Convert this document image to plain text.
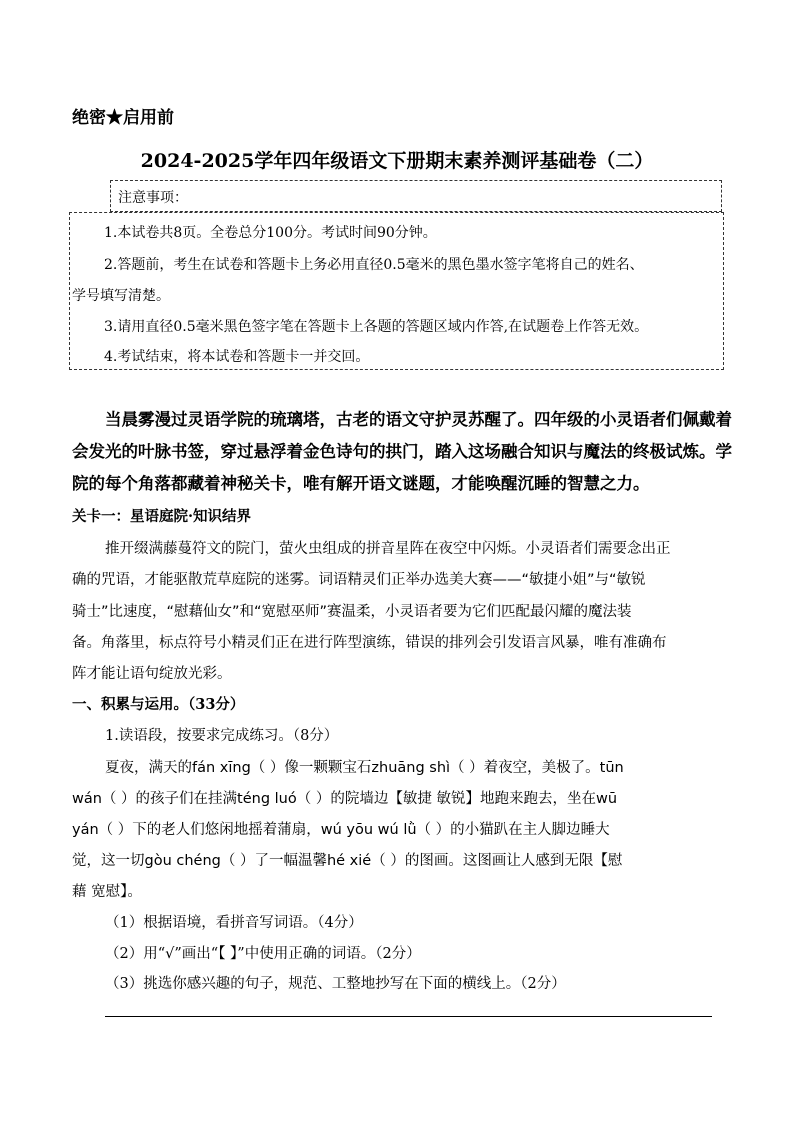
绝密★启用前
2024-2025学年四年级语文下册期末素养测评基础卷（二）
注意事项：
1.本试卷共8页。全卷总分100分。考试时间90分钟。
2.答题前，考生在试卷和答题卡上务必用直径0.5毫米的黑色墨水签字笔将自己的姓名、
学号填写清楚。
3.请用直径0.5毫米黑色签字笔在答题卡上各题的答题区域内作答,在试题卷上作答无效。
4.考试结束，将本试卷和答题卡一并交回。
当晨雾漫过灵语学院的琉璃塔，古老的语文守护灵苏醒了。四年级的小灵语者们佩戴着
会发光的叶脉书签，穿过悬浮着金色诗句的拱门，踏入这场融合知识与魔法的终极试炼。学
院的每个角落都藏着神秘关卡，唯有解开语文谜题，才能唤醒沉睡的智慧之力。
关卡一：星语庭院·知识结界
推开缀满藤蔓符文的院门，萤火虫组成的拼音星阵在夜空中闪烁。小灵语者们需要念出正
确的咒语，才能驱散荒草庭院的迷雾。词语精灵们正举办选美大赛——“敏捷小姐”与“敏锐
骑士”比速度，“慰藉仙女”和“宽慰巫师”赛温柔，小灵语者要为它们匹配最闪耀的魔法装
备。角落里，标点符号小精灵们正在进行阵型演练，错误的排列会引发语言风暴，唯有准确布
阵才能让语句绽放光彩。
一、积累与运用。（33分）
1.读语段，按要求完成练习。（8分）
夏夜，满天的fán xīng（ ）像一颗颗宝石zhuāng shì（ ）着夜空，美极了。tūn
wán（ ）的孩子们在挂满téng luó（ ）的院墙边【敏捷 敏锐】地跑来跑去，坐在wū
yán（ ）下的老人们悠闲地摇着蒲扇，wú yōu wú lǜ（ ）的小猫趴在主人脚边睡大
觉，这一切gòu chéng（ ）了一幅温馨hé xié（ ）的图画。这图画让人感到无限【慰
藉 宽慰】。
（1）根据语境，看拼音写词语。（4分）
（2）用“√”画出“【 】”中使用正确的词语。（2分）
（3）挑选你感兴趣的句子，规范、工整地抄写在下面的横线上。（2分）
